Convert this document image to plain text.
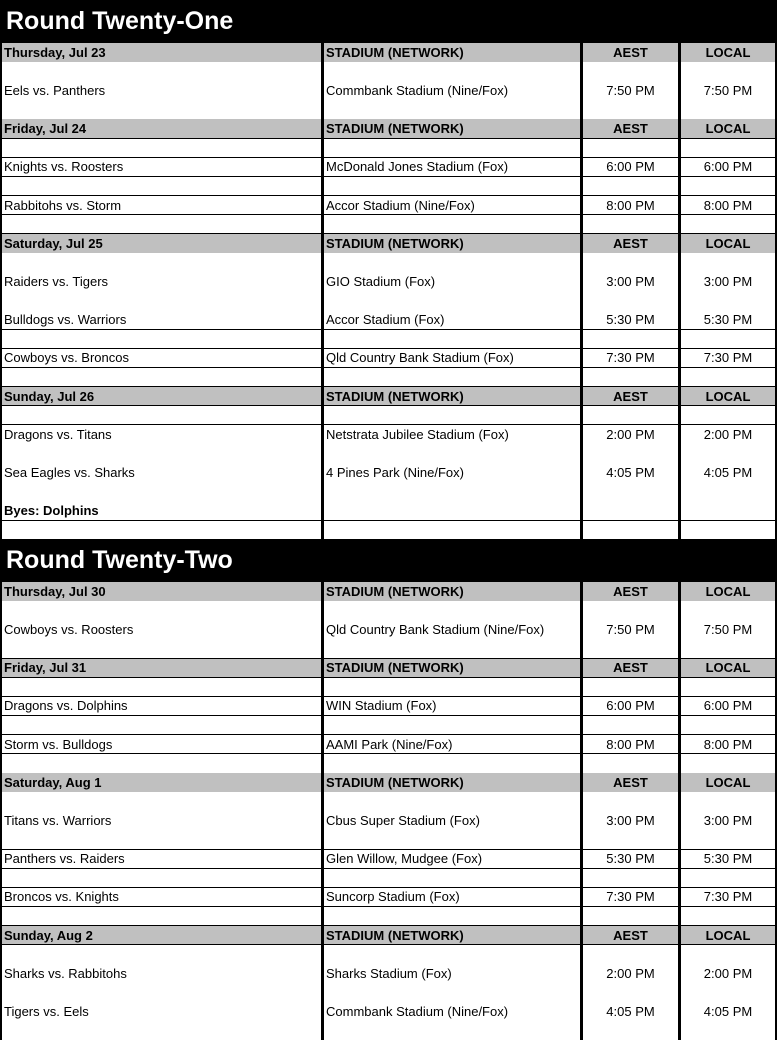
Round Twenty-One
Thursday, Jul 23	STADIUM (NETWORK)	AEST	LOCAL
Eels vs. Panthers	Commbank Stadium (Nine/Fox)	7:50 PM	7:50 PM
Friday, Jul 24	STADIUM (NETWORK)	AEST	LOCAL
Knights vs. Roosters	McDonald Jones Stadium (Fox)	6:00 PM	6:00 PM
Rabbitohs vs. Storm	Accor Stadium (Nine/Fox)	8:00 PM	8:00 PM
Saturday, Jul 25	STADIUM (NETWORK)	AEST	LOCAL
Raiders vs. Tigers	GIO Stadium (Fox)	3:00 PM	3:00 PM
Bulldogs vs. Warriors	Accor Stadium (Fox)	5:30 PM	5:30 PM
Cowboys vs. Broncos	Qld Country Bank Stadium (Fox)	7:30 PM	7:30 PM
Sunday, Jul 26	STADIUM (NETWORK)	AEST	LOCAL
Dragons vs. Titans	Netstrata Jubilee Stadium (Fox)	2:00 PM	2:00 PM
Sea Eagles vs. Sharks	4 Pines Park (Nine/Fox)	4:05 PM	4:05 PM
Byes: Dolphins
Round Twenty-Two
Thursday, Jul 30	STADIUM (NETWORK)	AEST	LOCAL
Cowboys vs. Roosters	Qld Country Bank Stadium (Nine/Fox)	7:50 PM	7:50 PM
Friday, Jul 31	STADIUM (NETWORK)	AEST	LOCAL
Dragons vs. Dolphins	WIN Stadium (Fox)	6:00 PM	6:00 PM
Storm vs. Bulldogs	AAMI Park (Nine/Fox)	8:00 PM	8:00 PM
Saturday, Aug 1	STADIUM (NETWORK)	AEST	LOCAL
Titans vs. Warriors	Cbus Super Stadium (Fox)	3:00 PM	3:00 PM
Panthers vs. Raiders	Glen Willow, Mudgee (Fox)	5:30 PM	5:30 PM
Broncos vs. Knights	Suncorp Stadium (Fox)	7:30 PM	7:30 PM
Sunday, Aug 2	STADIUM (NETWORK)	AEST	LOCAL
Sharks vs. Rabbitohs	Sharks Stadium (Fox)	2:00 PM	2:00 PM
Tigers vs. Eels	Commbank Stadium (Nine/Fox)	4:05 PM	4:05 PM
